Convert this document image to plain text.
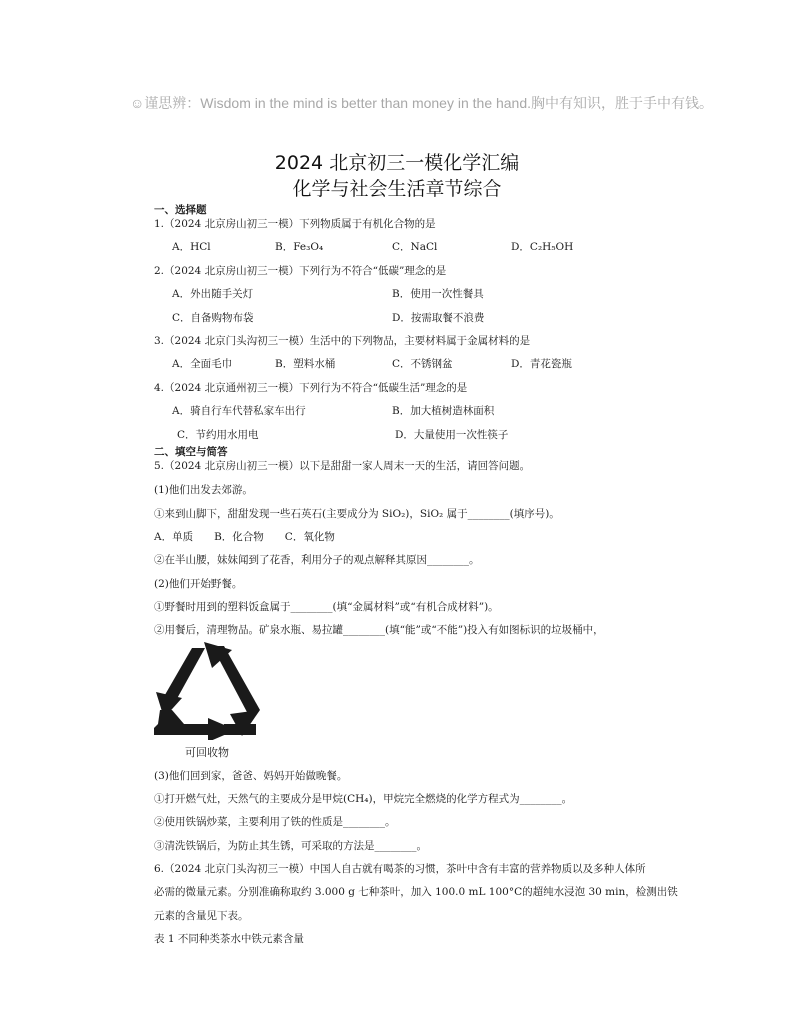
☺谨思辨：Wisdom in the mind is better than money in the hand.胸中有知识，胜于手中有钱。
2024 北京初三一模化学汇编
化学与社会生活章节综合
一、选择题
1.（2024 北京房山初三一模）下列物质属于有机化合物的是
A．HCl	B．Fe₃O₄	C．NaCl	D．C₂H₅OH
2.（2024 北京房山初三一模）下列行为不符合“低碳”理念的是
A．外出随手关灯	B．使用一次性餐具
C．自备购物布袋	D．按需取餐不浪费
3.（2024 北京门头沟初三一模）生活中的下列物品，主要材料属于金属材料的是
A．全面毛巾	B．塑料水桶	C．不锈钢盆	D．青花瓷瓶
4.（2024 北京通州初三一模）下列行为不符合“低碳生活”理念的是
A．骑自行车代替私家车出行	B．加大植树造林面积
C．节约用水用电	D．大量使用一次性筷子
二、填空与简答
5.（2024 北京房山初三一模）以下是甜甜一家人周末一天的生活，请回答问题。
(1)他们出发去郊游。
①来到山脚下，甜甜发现一些石英石(主要成分为 SiO₂)，SiO₂ 属于________(填序号)。
A．单质　　B．化合物　　C．氧化物
②在半山腰，妹妹闻到了花香，利用分子的观点解释其原因________。
(2)他们开始野餐。
①野餐时用到的塑料饭盒属于________(填“金属材料”或“有机合成材料”)。
②用餐后，清理物品。矿泉水瓶、易拉罐________(填“能”或“不能”)投入有如图标识的垃圾桶中，
可回收物
(3)他们回到家，爸爸、妈妈开始做晚餐。
①打开燃气灶，天然气的主要成分是甲烷(CH₄)，甲烷完全燃烧的化学方程式为________。
②使用铁锅炒菜，主要利用了铁的性质是________。
③清洗铁锅后，为防止其生锈，可采取的方法是________。
6.（2024 北京门头沟初三一模）中国人自古就有喝茶的习惯，茶叶中含有丰富的营养物质以及多种人体所
必需的微量元素。分别准确称取约 3.000 g 七种茶叶，加入 100.0 mL 100°C的超纯水浸泡 30 min，检测出铁
元素的含量见下表。
表 1 不同种类茶水中铁元素含量
